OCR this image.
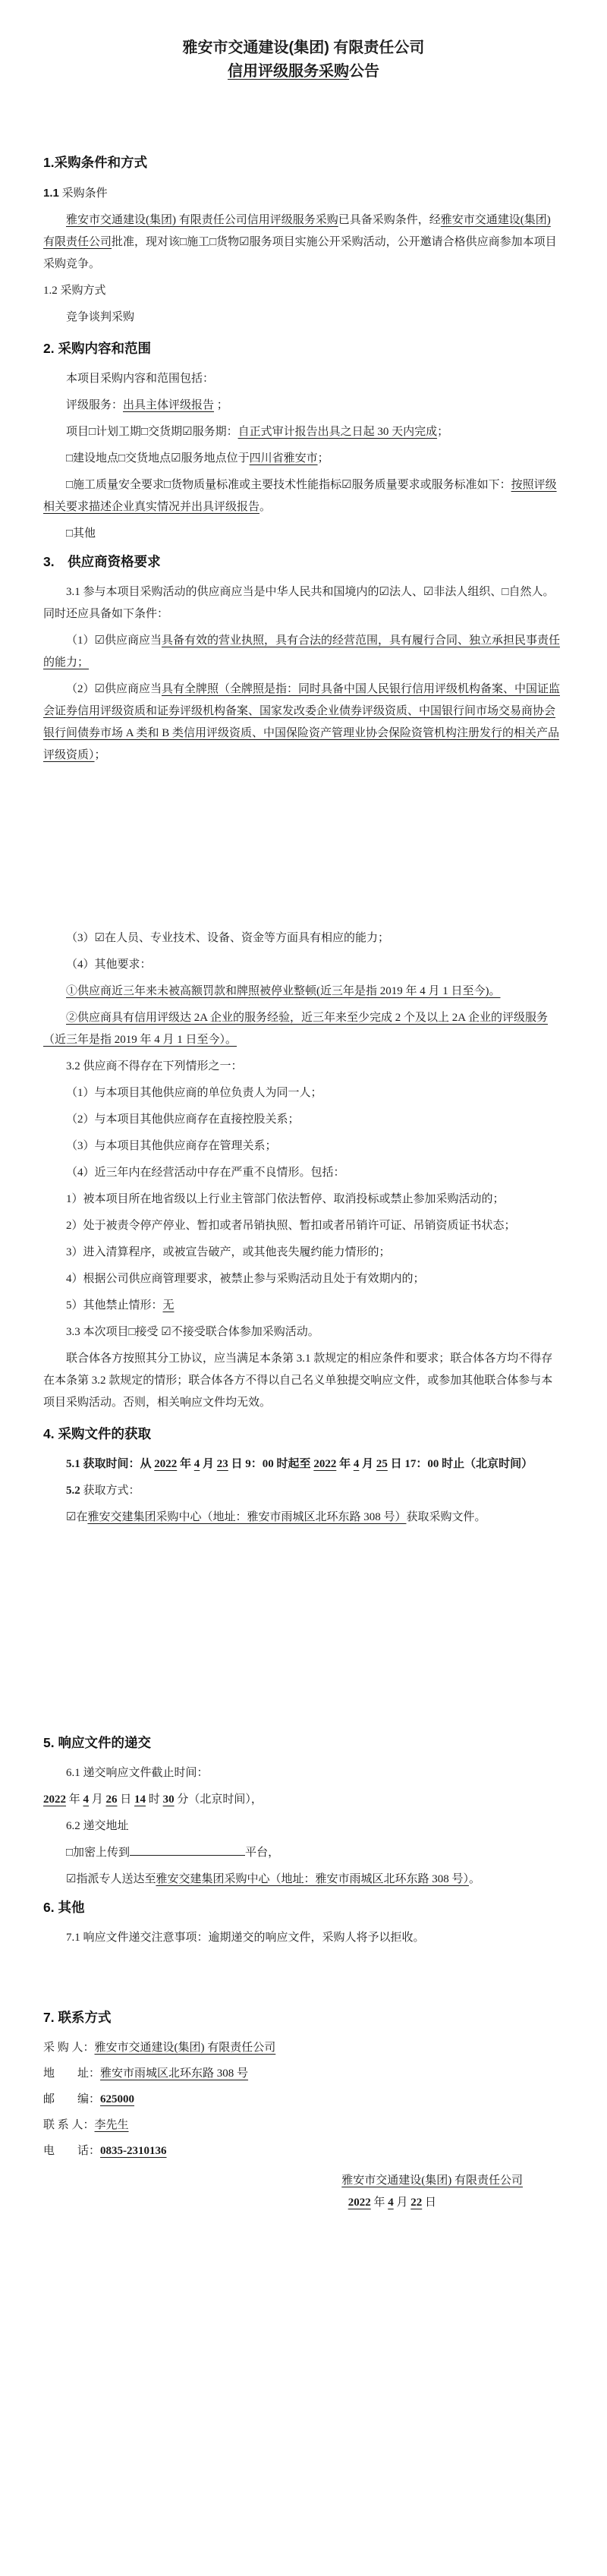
雅安市交通建设(集团) 有限责任公司
信用评级服务采购公告
1.采购条件和方式
1.1 采购条件

雅安市交通建设(集团) 有限责任公司信用评级服务采购已具备采购条件，经雅安市交通建设(集团) 有限责任公司批准，现对该□施工□货物☑服务项目实施公开采购活动，公开邀请合格供应商参加本项目采购竞争。

1.2 采购方式

竞争谈判采购

2. 采购内容和范围

本项目采购内容和范围包括：

评级服务：出具主体评级报告 ；

项目□计划工期□交货期☑服务期：自正式审计报告出具之日起 30 天内完成；

□建设地点□交货地点☑服务地点位于四川省雅安市；

□施工质量安全要求□货物质量标准或主要技术性能指标☑服务质量要求或服务标准如下：按照评级相关要求描述企业真实情况并出具评级报告。

□其他

3.　供应商资格要求

3.1 参与本项目采购活动的供应商应当是中华人民共和国境内的☑法人、☑非法人组织、□自然人。同时还应具备如下条件：

（1）☑供应商应当具备有效的营业执照，具有合法的经营范围，具有履行合同、独立承担民事责任的能力；

（2）☑供应商应当具有全牌照（全牌照是指：同时具备中国人民银行信用评级机构备案、中国证监会证券信用评级资质和证券评级机构备案、国家发改委企业债券评级资质、中国银行间市场交易商协会银行间债券市场 A 类和 B 类信用评级资质、中国保险资产管理业协会保险资管机构注册发行的相关产品评级资质）；

（3）☑在人员、专业技术、设备、资金等方面具有相应的能力；

（4）其他要求：

①供应商近三年来未被高额罚款和牌照被停业整顿(近三年是指 2019 年 4 月 1 日至今)。

②供应商具有信用评级达 2A 企业的服务经验，近三年来至少完成 2 个及以上 2A 企业的评级服务（近三年是指 2019 年 4 月 1 日至今）。

3.2 供应商不得存在下列情形之一：

（1）与本项目其他供应商的单位负责人为同一人；

（2）与本项目其他供应商存在直接控股关系；

（3）与本项目其他供应商存在管理关系；

（4）近三年内在经营活动中存在严重不良情形。包括：

1）被本项目所在地省级以上行业主管部门依法暂停、取消投标或禁止参加采购活动的；

2）处于被责令停产停业、暂扣或者吊销执照、暂扣或者吊销许可证、吊销资质证书状态；

3）进入清算程序，或被宣告破产，或其他丧失履约能力情形的；

4）根据公司供应商管理要求，被禁止参与采购活动且处于有效期内的；

5）其他禁止情形：无

3.3 本次项目□接受 ☑不接受联合体参加采购活动。

联合体各方按照其分工协议，应当满足本条第 3.1 款规定的相应条件和要求；联合体各方均不得存在本条第 3.2 款规定的情形；联合体各方不得以自己名义单独提交响应文件，或参加其他联合体参与本项目采购活动。否则，相关响应文件均无效。

4. 采购文件的获取

5.1 获取时间：从 2022 年 4 月 23 日 9：00 时起至 2022 年 4 月 25 日 17：00 时止（北京时间）

5.2 获取方式：

☑在雅安交建集团采购中心（地址：雅安市雨城区北环东路 308 号）获取采购文件。

5. 响应文件的递交

6.1 递交响应文件截止时间：

2022 年 4 月 26 日 14 时 30 分（北京时间），

6.2 递交地址

□加密上传到	平台，

☑指派专人送达至雅安交建集团采购中心（地址：雅安市雨城区北环东路 308 号）。

6. 其他

7.1 响应文件递交注意事项：逾期递交的响应文件，采购人将予以拒收。

7. 联系方式
采 购 人：雅安市交通建设(集团) 有限责任公司
地　　址：雅安市雨城区北环东路 308 号
邮　　编：625000
联 系 人：李先生
电　　话：0835-2310136
雅安市交通建设(集团) 有限责任公司
2022 年 4 月 22 日
